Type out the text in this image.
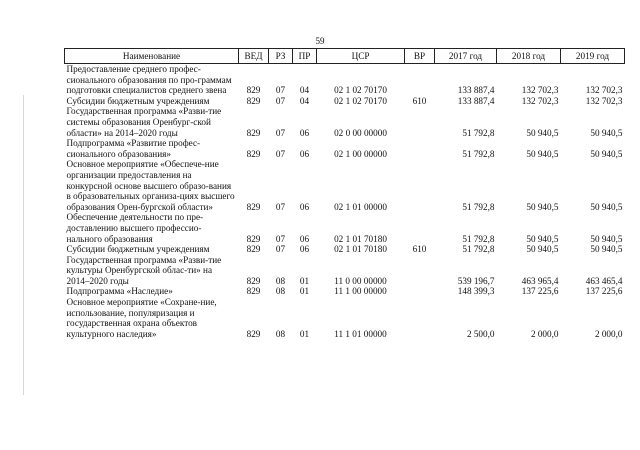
59
Наименование	ВЕД	РЗ	ПР	ЦСР	ВР	2017 год	2018 год	2019 год
Предоставление среднего профес-сионального образования по про-граммам подготовки специалистов среднего звена	829	07	04	02 1 02 70170		133 887,4	132 702,3	132 702,3
Субсидии бюджетным учреждениям	829	07	04	02 1 02 70170	610	133 887,4	132 702,3	132 702,3
Государственная программа «Разви-тие системы образования Оренбург-ской области» на 2014–2020 годы	829	07	06	02 0 00 00000		51 792,8	50 940,5	50 940,5
Подпрограмма «Развитие профес-сионального образования»	829	07	06	02 1 00 00000		51 792,8	50 940,5	50 940,5
Основное мероприятие «Обеспече-ние организации предоставления на конкурсной основе высшего образо-вания в образовательных организа-циях высшего образования Орен-бургской области»	829	07	06	02 1 01 00000		51 792,8	50 940,5	50 940,5
Обеспечение деятельности по пре-доставлению высшего профессио-нального образования	829	07	06	02 1 01 70180		51 792,8	50 940,5	50 940,5
Субсидии бюджетным учреждениям	829	07	06	02 1 01 70180	610	51 792,8	50 940,5	50 940,5
Государственная программа «Разви-тие культуры Оренбургской облас-ти» на 2014–2020 годы	829	08	01	11 0 00 00000		539 196,7	463 965,4	463 465,4
Подпрограмма «Наследие»	829	08	01	11 1 00 00000		148 399,3	137 225,6	137 225,6
Основное мероприятие «Сохране-ние, использование, популяризация и государственная охрана объектов культурного наследия»	829	08	01	11 1 01 00000		2 500,0	2 000,0	2 000,0
